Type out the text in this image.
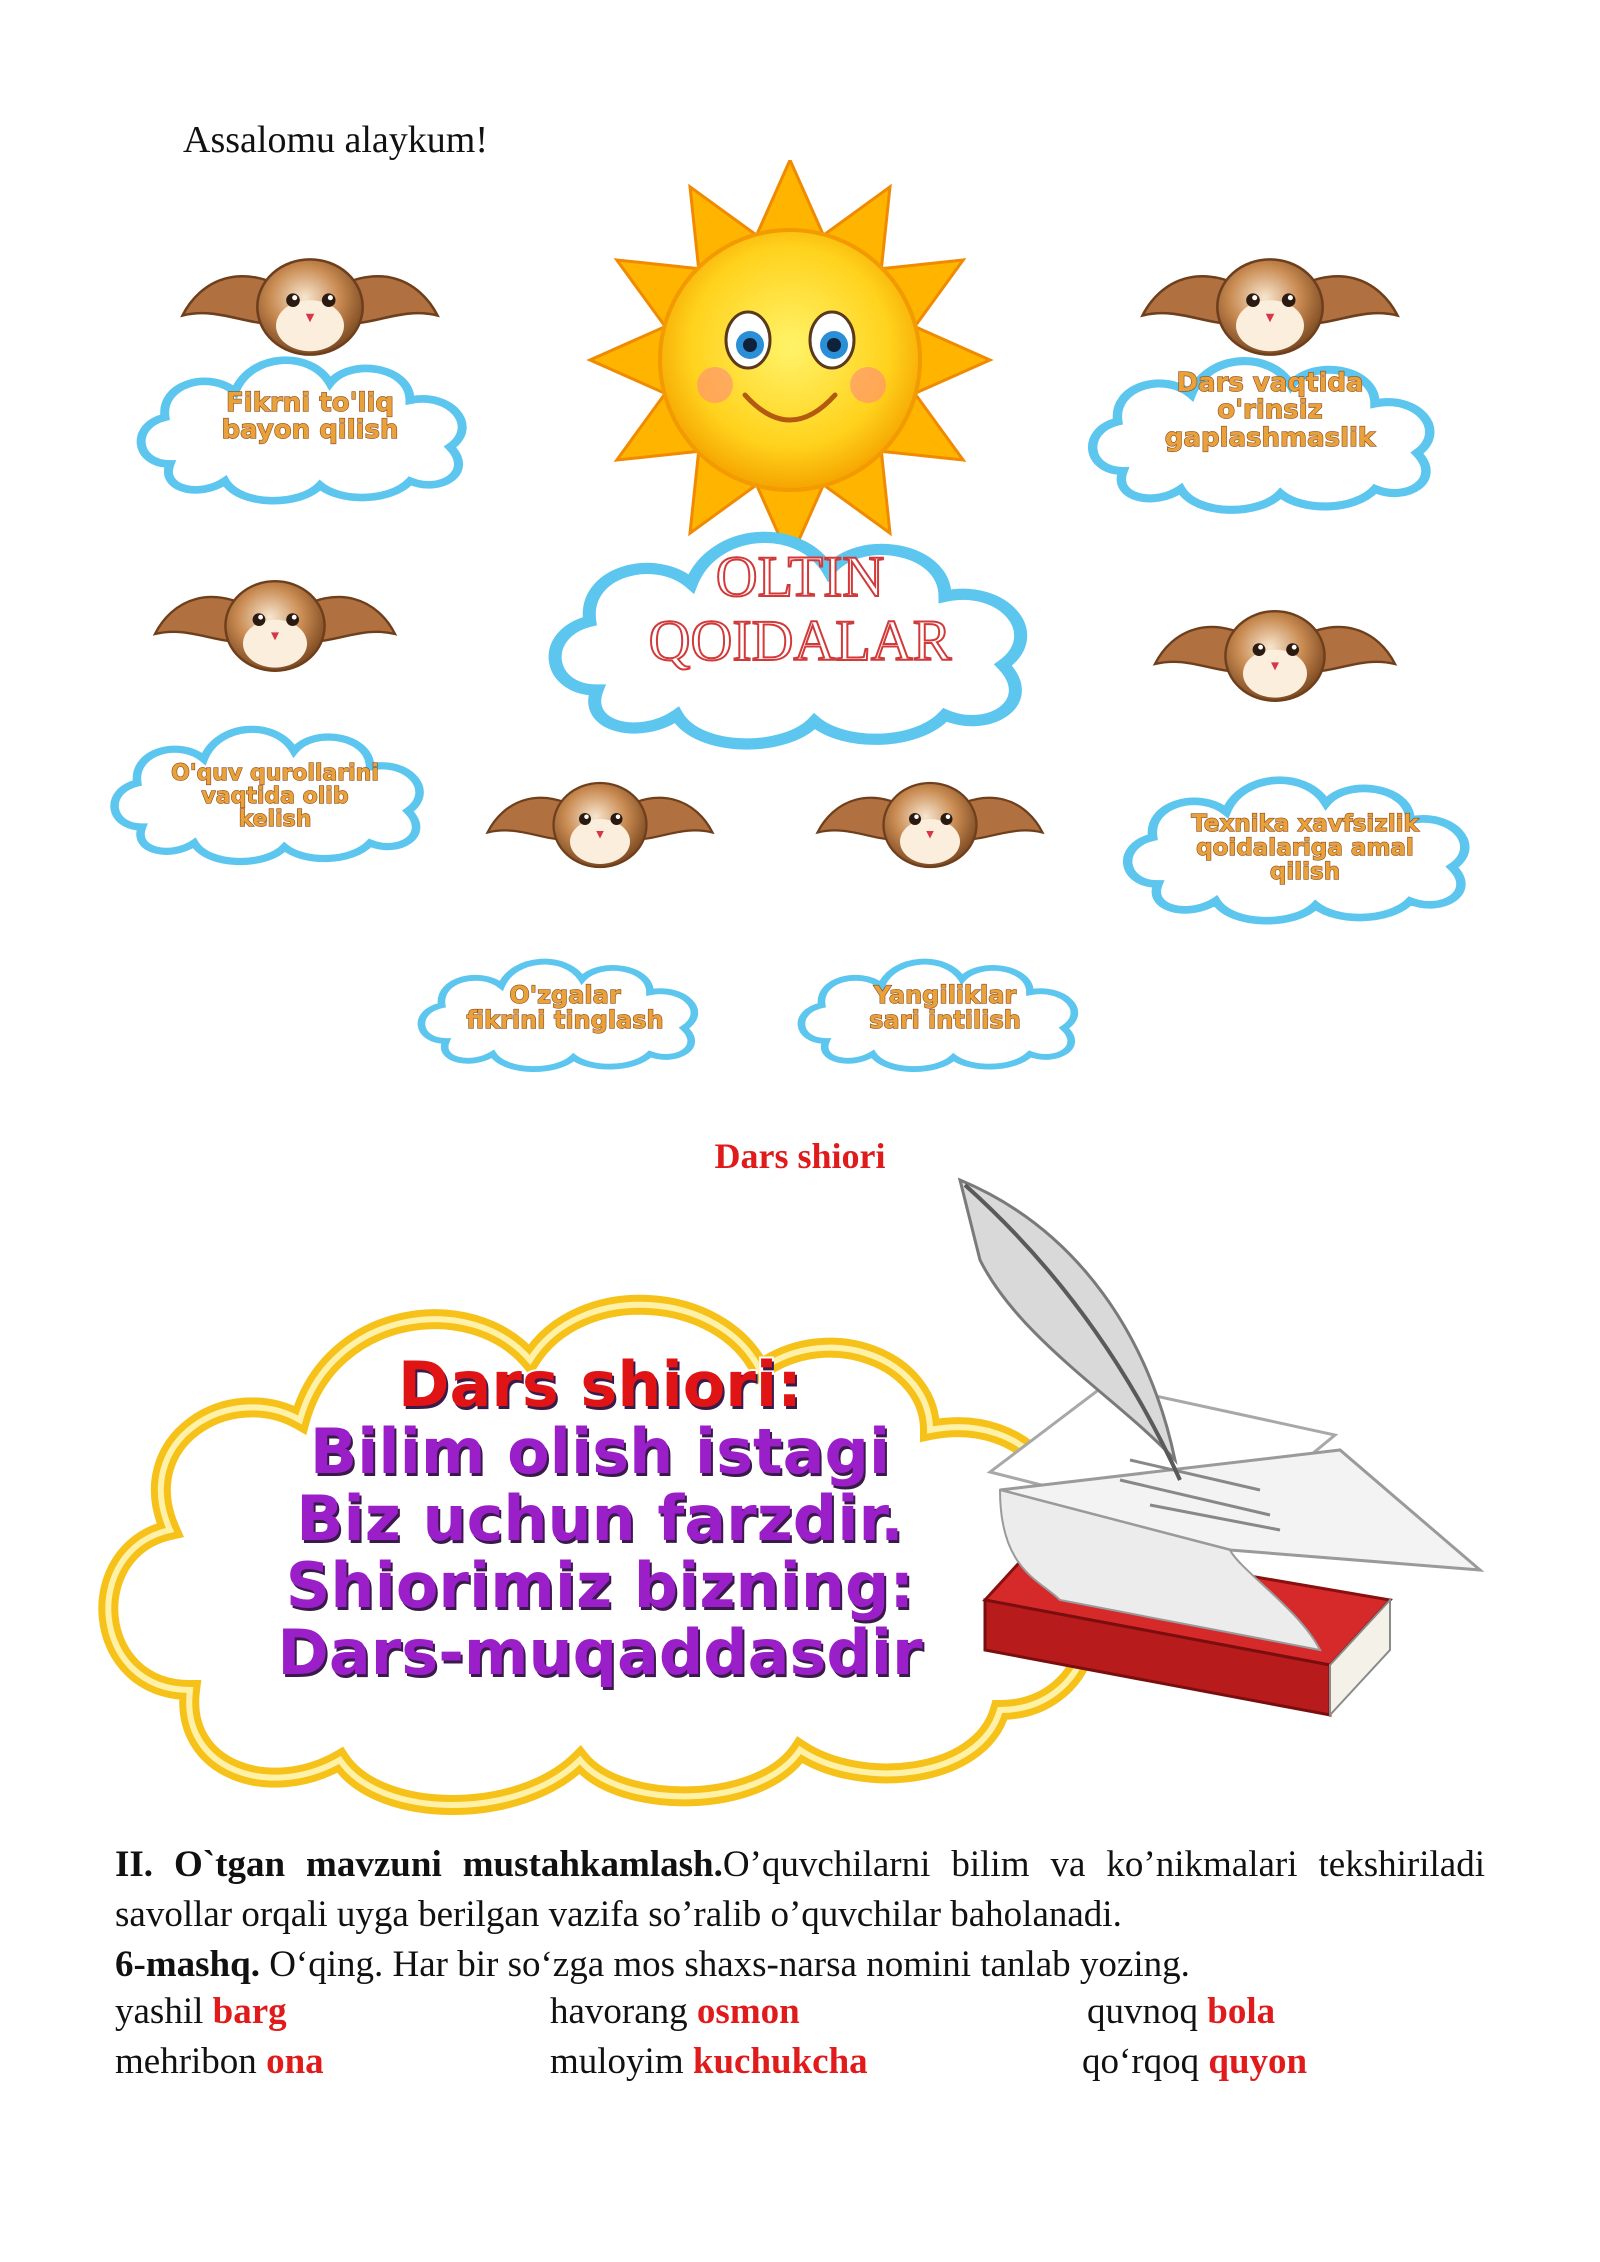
Assalomu alaykum!
OLTIN
QOIDALAR
Fikrni to'liq
bayon qilish
Dars vaqtida
o'rinsiz
gaplashmaslik
O'quv qurollarini
vaqtida olib
kelish	Texnika xavfsizlik
qoidalariga amal
qilish
O'zgalar
fikrini tinglash
Yangiliklar
sari intilish
Dars shiori
Dars shiori:
Bilim olish istagi
Biz uchun farzdir.
Shiorimiz bizning:
Dars-muqaddasdir
II. O`tgan mavzuni mustahkamlash.O’quvchilarni bilim va ko’nikmalari tekshiriladi savollar orqali uyga berilgan vazifa so’ralib o’quvchilar baholanadi.
6-mashq. O‘qing. Har bir so‘zga mos shaxs-narsa nomini tanlab yozing.
yashil barg	havorang osmon	quvnoq bola
mehribon ona	muloyim kuchukcha	qo‘rqoq quyon
